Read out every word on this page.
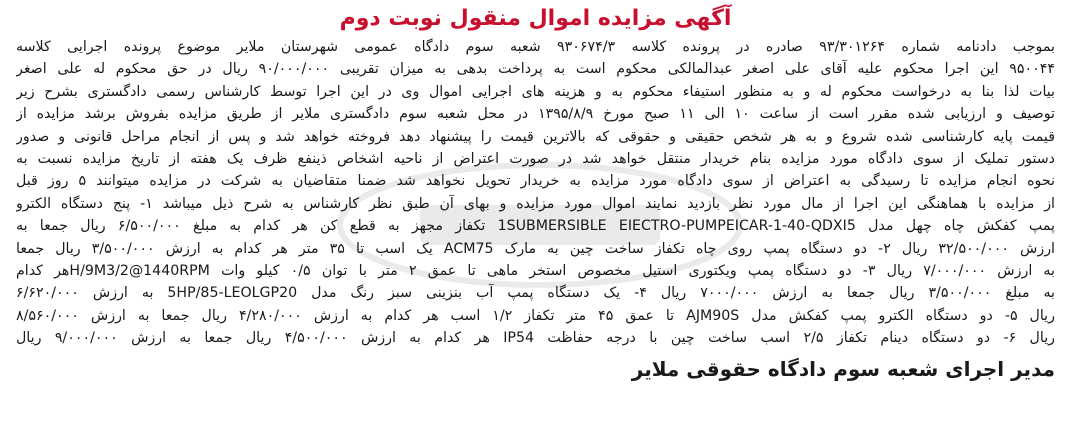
آگهی مزایده اموال منقول نوبت دوم
بموجب دادنامه شماره ۹۳/۳۰۱۲۶۴ صادره در پرونده کلاسه ۹۳۰۶۷۴/۳ شعبه سوم دادگاه عمومی شهرستان ملایر موضوع پرونده اجرایی کلاسه
۹۵۰۰۴۴ این اجرا محکوم علیه آقای علی اصغر عبدالمالکی محکوم است به پرداخت بدهی به میزان تقریبی ۹۰/۰۰۰/۰۰۰ ریال در حق محکوم له علی اصغر
بیات لذا بنا به درخواست محکوم له و به منظور استیفاء محکوم به و هزینه های اجرایی اموال وی در این اجرا توسط کارشناس رسمی دادگستری بشرح زیر
توصیف و ارزیابی شده مقرر است از ساعت ۱۰ الی ۱۱ صبح مورخ ۱۳۹۵/۸/۹ در محل شعبه سوم دادگستری ملایر از طریق مزایده بفروش برشد مزایده از
قیمت پایه کارشناسی شده شروع و به هر شخص حقیقی و حقوقی که بالاترین قیمت را پیشنهاد دهد فروخته خواهد شد و پس از انجام مراحل قانونی و صدور
دستور تملیک از سوی دادگاه مورد مزایده بنام خریدار منتقل خواهد شد در صورت اعتراض از ناحیه اشخاص ذینفع ظرف یک هفته از تاریخ مزایده نسبت به
نحوه انجام مزایده تا رسیدگی به اعتراض از سوی دادگاه مورد مزایده به خریدار تحویل نخواهد شد ضمنا متقاضیان به شرکت در مزایده میتوانند ۵ روز قبل
از مزایده با هماهنگی این اجرا از مال مورد نظر بازدید نمایند اموال مورد مزایده و بهای آن طبق نظر کارشناس به شرح ذیل میباشد ۱- پنج دستگاه الکترو
پمپ کفکش چاه چهل مدل 1SUBMERSIBLE EIECTRO-PUMPEICAR-1-40-QDXI5 تکفاز مجهز به قطع کن هر کدام به مبلغ ۶/۵۰۰/۰۰۰ ریال جمعا به
ارزش ۳۲/۵۰۰/۰۰۰ ریال ۲- دو دستگاه پمپ روی چاه تکفاز ساخت چین به مارک ACM75 یک اسب تا ۳۵ متر هر کدام به ارزش ۳/۵۰۰/۰۰۰ ریال جمعا
به ارزش ۷/۰۰۰/۰۰۰ ریال ۳- دو دستگاه پمپ ویکتوری استیل مخصوص استخر ماهی تا عمق ۲ متر با توان ۰/۵ کیلو وات H/9M3/2@1440RPMهر کدام
به مبلغ ۳/۵۰۰/۰۰۰ ریال جمعا به ارزش ۷۰۰۰/۰۰۰ ریال ۴- یک دستگاه پمپ آب بنزینی سبز رنگ مدل 5HP/85-LEOLGP20 به ارزش ۶/۶۲۰/۰۰۰
ریال ۵- دو دستگاه الکترو پمپ کفکش مدل AJM90S تا عمق ۴۵ متر تکفاز ۱/۲ اسب هر کدام به ارزش ۴/۲۸۰/۰۰۰ ریال جمعا به ارزش ۸/۵۶۰/۰۰۰
ریال ۶- دو دستگاه دینام تکفاز ۲/۵ اسب ساخت چین با درجه حفاظت IP54 هر کدام به ارزش ۴/۵۰۰/۰۰۰ ریال جمعا به ارزش ۹/۰۰۰/۰۰۰ ریال
مدیر اجرای شعبه سوم دادگاه حقوقی ملایر
